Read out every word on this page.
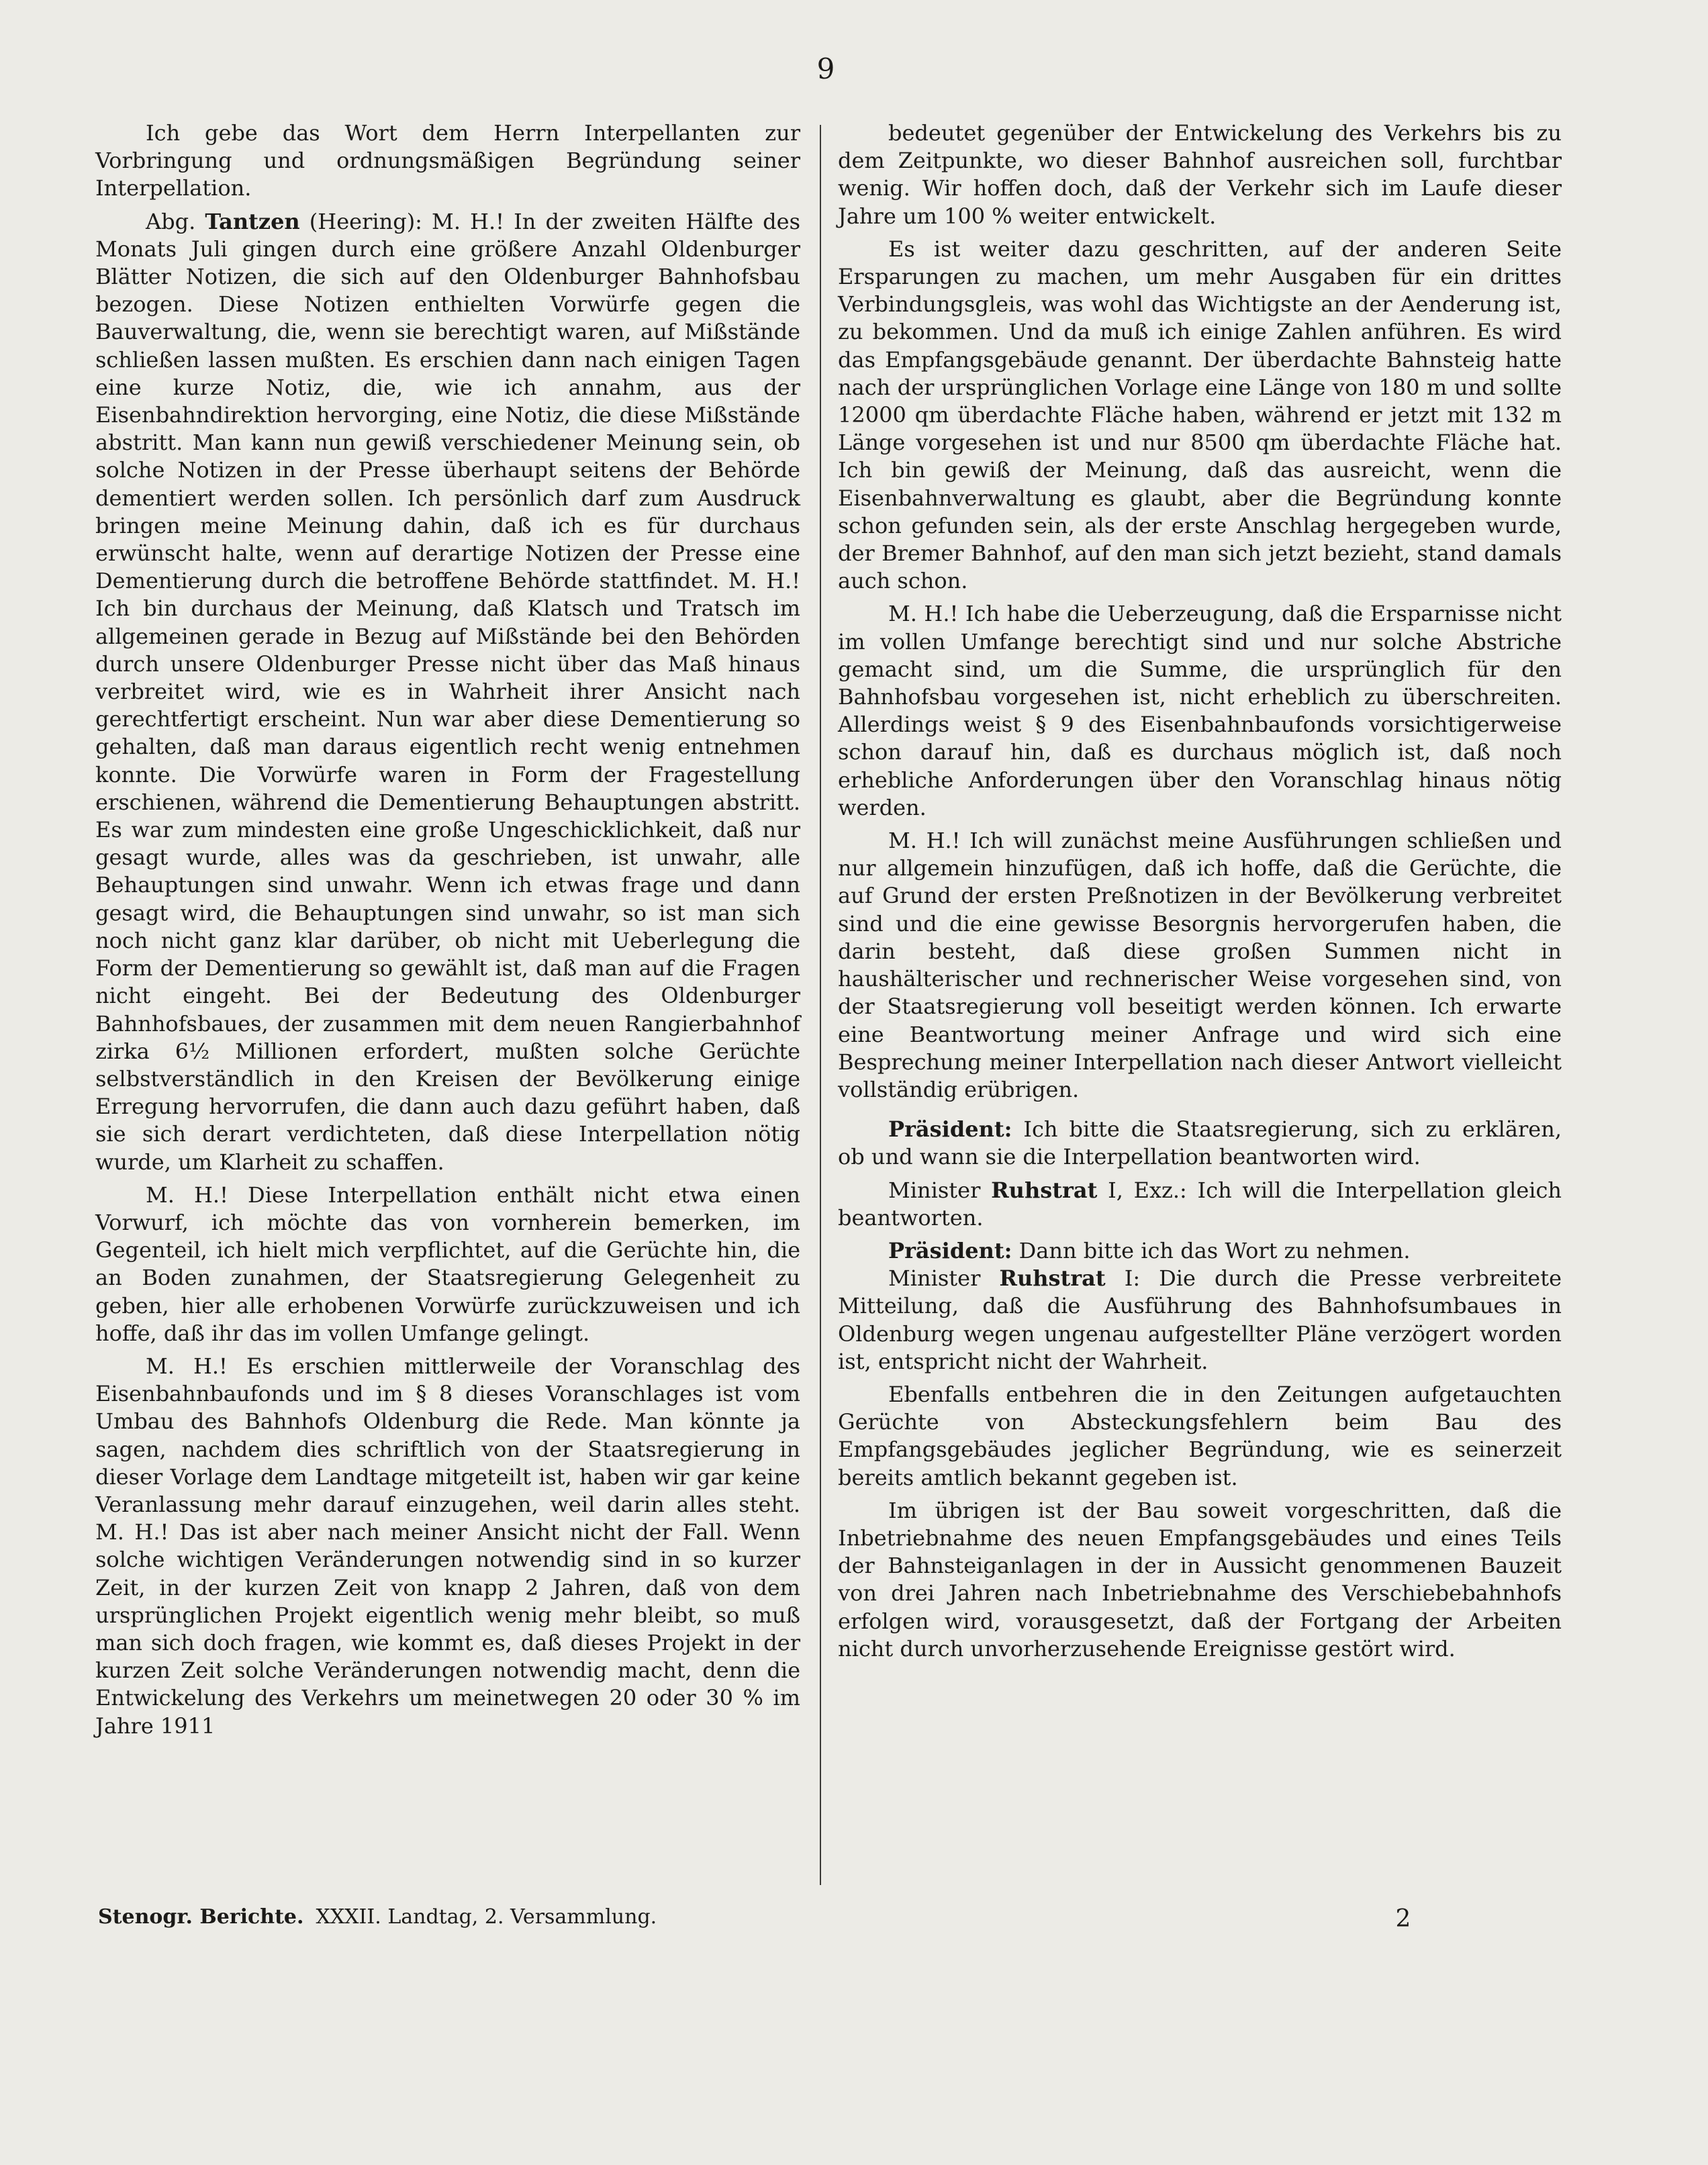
9

Ich gebe das Wort dem Herrn Interpellanten zur Vorbringung und ordnungsmäßigen Begründung seiner Interpellation.

Abg. Tantzen (Heering): M. H.! In der zweiten Hälfte des Monats Juli gingen durch eine größere Anzahl Oldenburger Blätter Notizen, die sich auf den Oldenburger Bahnhofsbau bezogen. Diese Notizen enthielten Vorwürfe gegen die Bauverwaltung, die, wenn sie berechtigt waren, auf Mißstände schließen lassen mußten. Es erschien dann nach einigen Tagen eine kurze Notiz, die, wie ich annahm, aus der Eisenbahndirektion hervorging, eine Notiz, die diese Mißstände abstritt. Man kann nun gewiß verschiedener Meinung sein, ob solche Notizen in der Presse überhaupt seitens der Behörde dementiert werden sollen. Ich persönlich darf zum Ausdruck bringen meine Meinung dahin, daß ich es für durchaus erwünscht halte, wenn auf derartige Notizen der Presse eine Dementierung durch die betroffene Behörde stattfindet. M. H.! Ich bin durchaus der Meinung, daß Klatsch und Tratsch im allgemeinen gerade in Bezug auf Mißstände bei den Behörden durch unsere Oldenburger Presse nicht über das Maß hinaus verbreitet wird, wie es in Wahrheit ihrer Ansicht nach gerechtfertigt erscheint. Nun war aber diese Dementierung so gehalten, daß man daraus eigentlich recht wenig entnehmen konnte. Die Vorwürfe waren in Form der Fragestellung erschienen, während die Dementierung Behauptungen abstritt. Es war zum mindesten eine große Ungeschicklichkeit, daß nur gesagt wurde, alles was da geschrieben, ist unwahr, alle Behauptungen sind unwahr. Wenn ich etwas frage und dann gesagt wird, die Behauptungen sind unwahr, so ist man sich noch nicht ganz klar darüber, ob nicht mit Ueberlegung die Form der Dementierung so gewählt ist, daß man auf die Fragen nicht eingeht. Bei der Bedeutung des Oldenburger Bahnhofsbaues, der zusammen mit dem neuen Rangierbahnhof zirka 6½ Millionen erfordert, mußten solche Gerüchte selbstverständlich in den Kreisen der Bevölkerung einige Erregung hervorrufen, die dann auch dazu geführt haben, daß sie sich derart verdichteten, daß diese Interpellation nötig wurde, um Klarheit zu schaffen.

M. H.! Diese Interpellation enthält nicht etwa einen Vorwurf, ich möchte das von vornherein bemerken, im Gegenteil, ich hielt mich verpflichtet, auf die Gerüchte hin, die an Boden zunahmen, der Staatsregierung Gelegenheit zu geben, hier alle erhobenen Vorwürfe zurückzuweisen und ich hoffe, daß ihr das im vollen Umfange gelingt.

M. H.! Es erschien mittlerweile der Voranschlag des Eisenbahnbaufonds und im § 8 dieses Voranschlages ist vom Umbau des Bahnhofs Oldenburg die Rede. Man könnte ja sagen, nachdem dies schriftlich von der Staatsregierung in dieser Vorlage dem Landtage mitgeteilt ist, haben wir gar keine Veranlassung mehr darauf einzugehen, weil darin alles steht. M. H.! Das ist aber nach meiner Ansicht nicht der Fall. Wenn solche wichtigen Veränderungen notwendig sind in so kurzer Zeit, in der kurzen Zeit von knapp 2 Jahren, daß von dem ursprünglichen Projekt eigentlich wenig mehr bleibt, so muß man sich doch fragen, wie kommt es, daß dieses Projekt in der kurzen Zeit solche Veränderungen notwendig macht, denn die Entwickelung des Verkehrs um meinetwegen 20 oder 30 % im Jahre 1911

bedeutet gegenüber der Entwickelung des Verkehrs bis zu dem Zeitpunkte, wo dieser Bahnhof ausreichen soll, furchtbar wenig. Wir hoffen doch, daß der Verkehr sich im Laufe dieser Jahre um 100 % weiter entwickelt.

Es ist weiter dazu geschritten, auf der anderen Seite Ersparungen zu machen, um mehr Ausgaben für ein drittes Verbindungsgleis, was wohl das Wichtigste an der Aenderung ist, zu bekommen. Und da muß ich einige Zahlen anführen. Es wird das Empfangsgebäude genannt. Der überdachte Bahnsteig hatte nach der ursprünglichen Vorlage eine Länge von 180 m und sollte 12000 qm überdachte Fläche haben, während er jetzt mit 132 m Länge vorgesehen ist und nur 8500 qm überdachte Fläche hat. Ich bin gewiß der Meinung, daß das ausreicht, wenn die Eisenbahnverwaltung es glaubt, aber die Begründung konnte schon gefunden sein, als der erste Anschlag hergegeben wurde, der Bremer Bahnhof, auf den man sich jetzt bezieht, stand damals auch schon.

M. H.! Ich habe die Ueberzeugung, daß die Ersparnisse nicht im vollen Umfange berechtigt sind und nur solche Abstriche gemacht sind, um die Summe, die ursprünglich für den Bahnhofsbau vorgesehen ist, nicht erheblich zu überschreiten. Allerdings weist § 9 des Eisenbahnbaufonds vorsichtigerweise schon darauf hin, daß es durchaus möglich ist, daß noch erhebliche Anforderungen über den Voranschlag hinaus nötig werden.

M. H.! Ich will zunächst meine Ausführungen schließen und nur allgemein hinzufügen, daß ich hoffe, daß die Gerüchte, die auf Grund der ersten Preßnotizen in der Bevölkerung verbreitet sind und die eine gewisse Besorgnis hervorgerufen haben, die darin besteht, daß diese großen Summen nicht in haushälterischer und rechnerischer Weise vorgesehen sind, von der Staatsregierung voll beseitigt werden können. Ich erwarte eine Beantwortung meiner Anfrage und wird sich eine Besprechung meiner Interpellation nach dieser Antwort vielleicht vollständig erübrigen.

Präsident: Ich bitte die Staatsregierung, sich zu erklären, ob und wann sie die Interpellation beantworten wird.

Minister Ruhstrat I, Exz.: Ich will die Interpellation gleich beantworten.

Präsident: Dann bitte ich das Wort zu nehmen.

Minister Ruhstrat I: Die durch die Presse verbreitete Mitteilung, daß die Ausführung des Bahnhofsumbaues in Oldenburg wegen ungenau aufgestellter Pläne verzögert worden ist, entspricht nicht der Wahrheit.

Ebenfalls entbehren die in den Zeitungen aufgetauchten Gerüchte von Absteckungsfehlern beim Bau des Empfangsgebäudes jeglicher Begründung, wie es seinerzeit bereits amtlich bekannt gegeben ist.

Im übrigen ist der Bau soweit vorgeschritten, daß die Inbetriebnahme des neuen Empfangsgebäudes und eines Teils der Bahnsteiganlagen in der in Aussicht genommenen Bauzeit von drei Jahren nach Inbetriebnahme des Verschiebebahnhofs erfolgen wird, vorausgesetzt, daß der Fortgang der Arbeiten nicht durch unvorherzusehende Ereignisse gestört wird.

Stenogr. Berichte. XXXII. Landtag, 2. Versammlung.	2
